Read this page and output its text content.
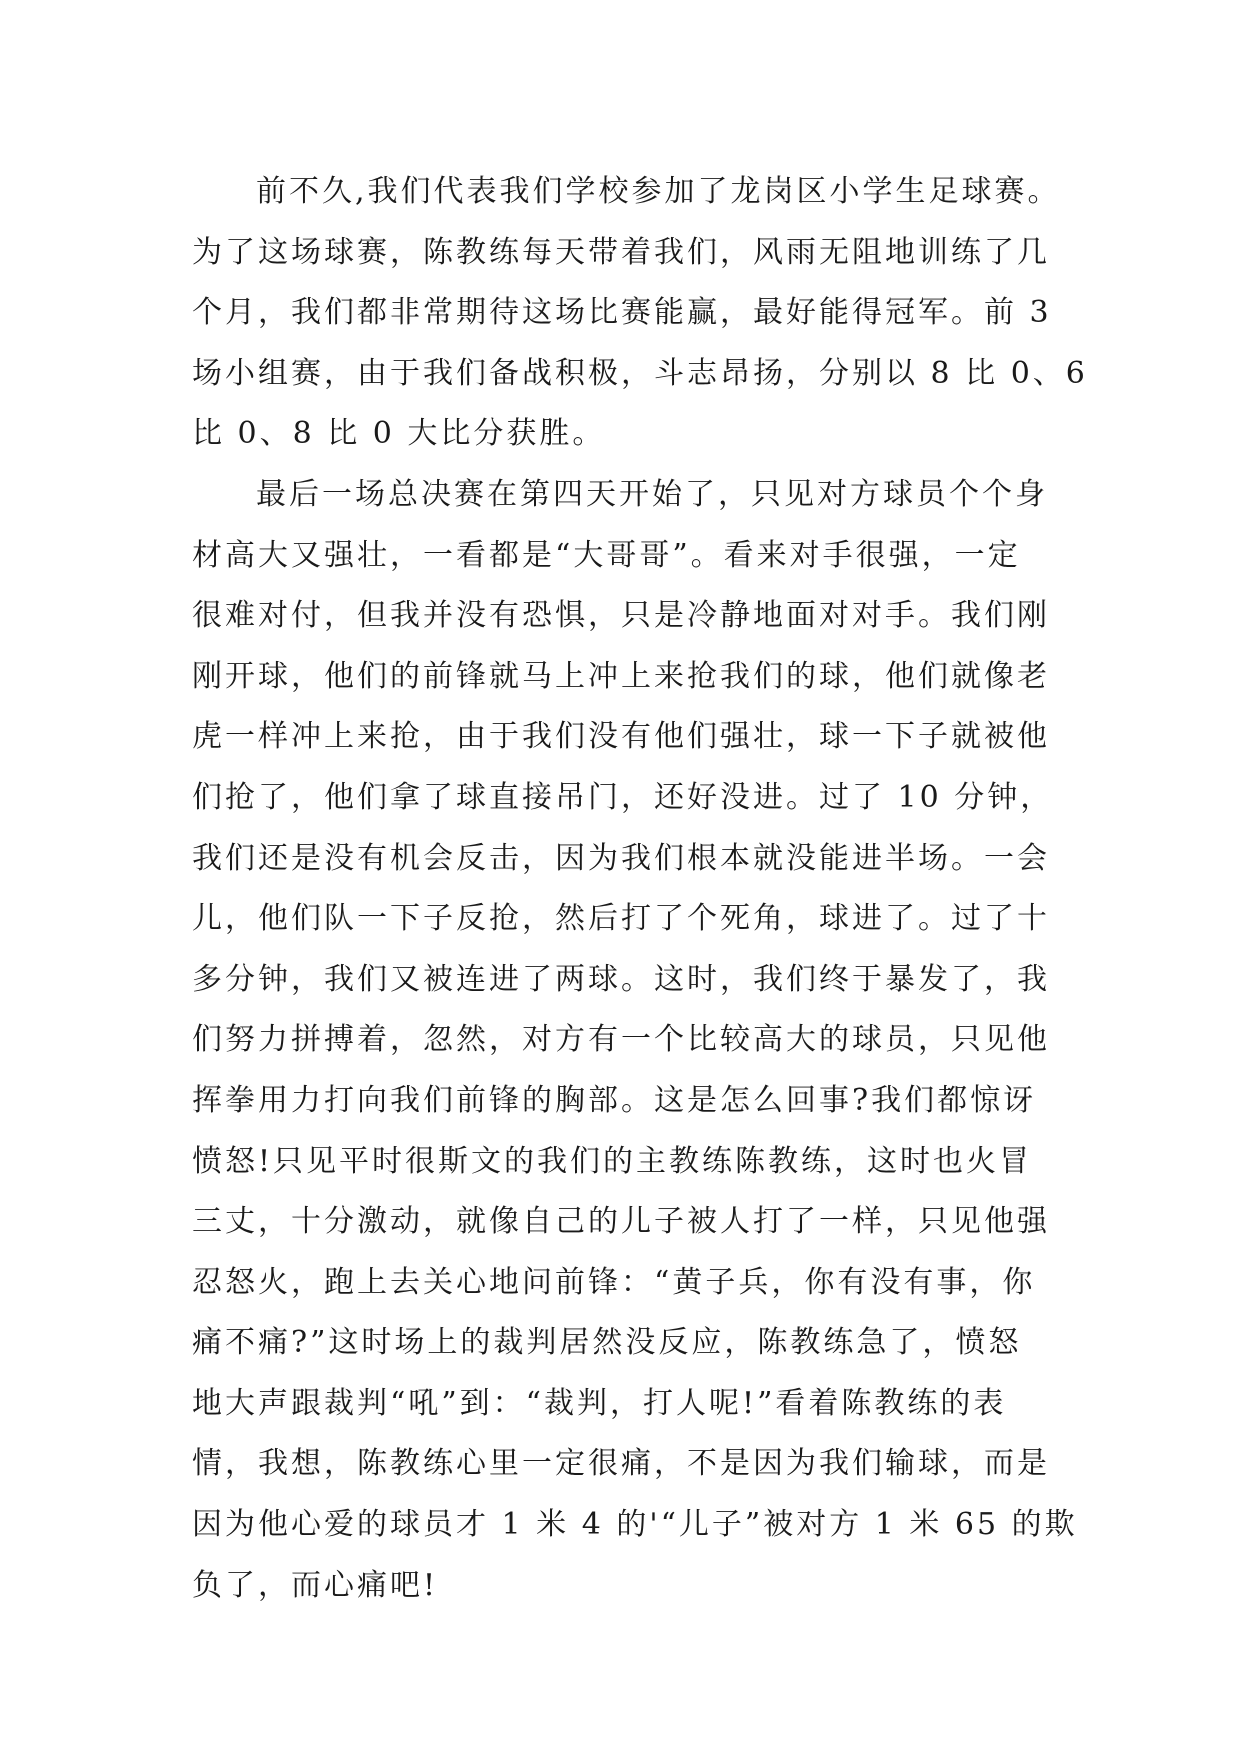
前不久,我们代表我们学校参加了龙岗区小学生足球赛。
为了这场球赛，陈教练每天带着我们，风雨无阻地训练了几
个月，我们都非常期待这场比赛能赢，最好能得冠军。前 3
场小组赛，由于我们备战积极，斗志昂扬，分别以 8 比 0、6
比 0、8 比 0 大比分获胜。
最后一场总决赛在第四天开始了，只见对方球员个个身
材高大又强壮，一看都是“大哥哥”。看来对手很强，一定
很难对付，但我并没有恐惧，只是冷静地面对对手。我们刚
刚开球，他们的前锋就马上冲上来抢我们的球，他们就像老
虎一样冲上来抢，由于我们没有他们强壮，球一下子就被他
们抢了，他们拿了球直接吊门，还好没进。过了 10 分钟，
我们还是没有机会反击，因为我们根本就没能进半场。一会
儿，他们队一下子反抢，然后打了个死角，球进了。过了十
多分钟，我们又被连进了两球。这时，我们终于暴发了，我
们努力拼搏着，忽然，对方有一个比较高大的球员，只见他
挥拳用力打向我们前锋的胸部。这是怎么回事?我们都惊讶
愤怒!只见平时很斯文的我们的主教练陈教练，这时也火冒
三丈，十分激动，就像自己的儿子被人打了一样，只见他强
忍怒火，跑上去关心地问前锋：“黄子兵，你有没有事，你
痛不痛?”这时场上的裁判居然没反应，陈教练急了，愤怒
地大声跟裁判“吼”到：“裁判，打人呢!”看着陈教练的表
情，我想，陈教练心里一定很痛，不是因为我们输球，而是
因为他心爱的球员才 1 米 4 的'“儿子”被对方 1 米 65 的欺
负了，而心痛吧!
